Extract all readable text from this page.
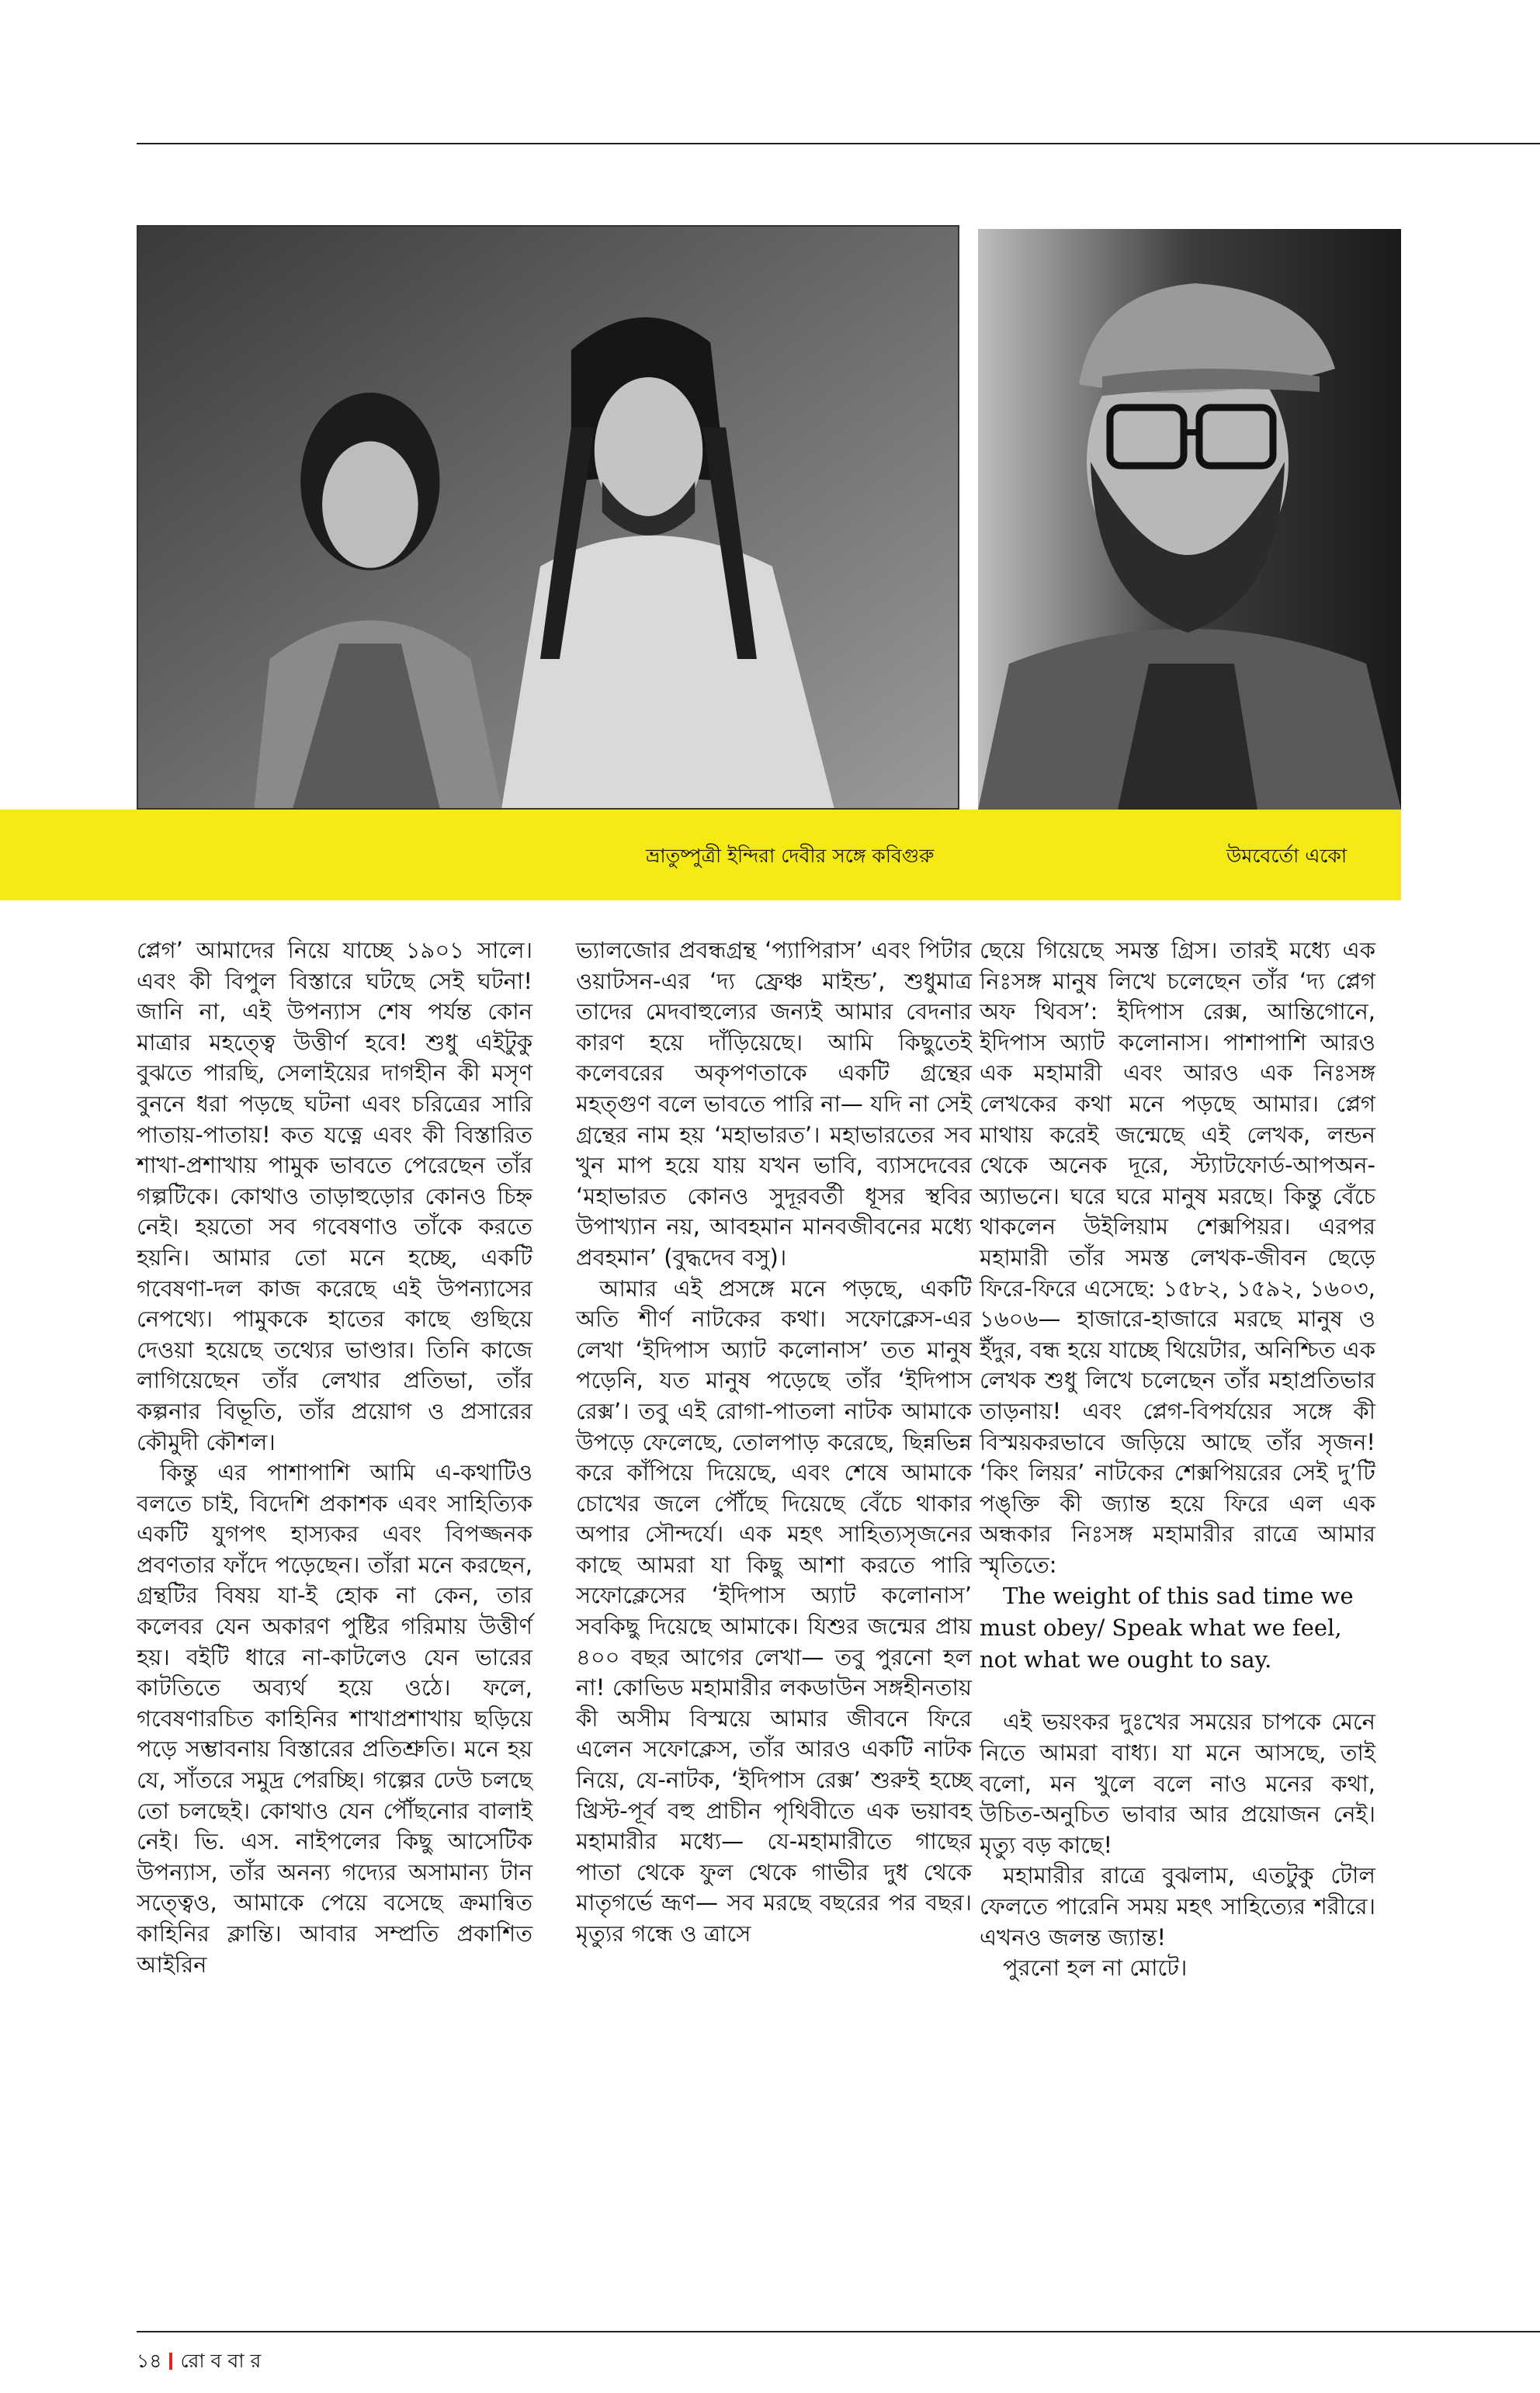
ভ্রাতুষ্পুত্রী ইন্দিরা দেবীর সঙ্গে কবিগুরু	উমবের্তো একো

প্লেগ’ আমাদের নিয়ে যাচ্ছে ১৯০১ সালে। এবং কী বিপুল বিস্তারে ঘটছে সেই ঘটনা! জানি না, এই উপন্যাস শেষ পর্যন্ত কোন মাত্রার মহত্ত্বে উত্তীর্ণ হবে! শুধু এইটুকু বুঝতে পারছি, সেলাইয়ের দাগহীন কী মসৃণ বুননে ধরা পড়ছে ঘটনা এবং চরিত্রের সারি পাতায়-পাতায়! কত যত্নে এবং কী বিস্তারিত শাখা-প্রশাখায় পামুক ভাবতে পেরেছেন তাঁর গল্পটিকে। কোথাও তাড়াহুড়োর কোনও চিহ্ন নেই। হয়তো সব গবেষণাও তাঁকে করতে হয়নি। আমার তো মনে হচ্ছে, একটি গবেষণা-দল কাজ করেছে এই উপন্যাসের নেপথ্যে। পামুককে হাতের কাছে গুছিয়ে দেওয়া হয়েছে তথ্যের ভাণ্ডার। তিনি কাজে লাগিয়েছেন তাঁর লেখার প্রতিভা, তাঁর কল্পনার বিভূতি, তাঁর প্রয়োগ ও প্রসারের কৌমুদী কৌশল।

কিন্তু এর পাশাপাশি আমি এ-কথাটিও বলতে চাই, বিদেশি প্রকাশক এবং সাহিত্যিক একটি যুগপৎ হাস্যকর এবং বিপজ্জনক প্রবণতার ফাঁদে পড়েছেন। তাঁরা মনে করছেন, গ্রন্থটির বিষয় যা-ই হোক না কেন, তার কলেবর যেন অকারণ পুষ্টির গরিমায় উত্তীর্ণ হয়। বইটি ধারে না-কাটলেও যেন ভারের কাটতিতে অব্যর্থ হয়ে ওঠে। ফলে, গবেষণারচিত কাহিনির শাখাপ্রশাখায় ছড়িয়ে পড়ে সম্ভাবনায় বিস্তারের প্রতিশ্রুতি। মনে হয় যে, সাঁতরে সমুদ্র পেরচ্ছি। গল্পের ঢেউ চলছে তো চলছেই। কোথাও যেন পৌঁছনোর বালাই নেই। ভি. এস. নাইপলের কিছু আসেটিক উপন্যাস, তাঁর অনন্য গদ্যের অসামান্য টান সত্ত্বেও, আমাকে পেয়ে বসেছে ক্রমান্বিত কাহিনির ক্লান্তি। আবার সম্প্রতি প্রকাশিত আইরিন

ভ্যালজোর প্রবন্ধগ্রন্থ ‘প্যাপিরাস’ এবং পিটার ওয়াটসন-এর ‘দ্য ফ্রেঞ্চ মাইন্ড’, শুধুমাত্র তাদের মেদবাহুল্যের জন্যই আমার বেদনার কারণ হয়ে দাঁড়িয়েছে। আমি কিছুতেই কলেবরের অকৃপণতাকে একটি গ্রন্থের মহত্গুণ বলে ভাবতে পারি না— যদি না সেই গ্রন্থের নাম হয় ‘মহাভারত’। মহাভারতের সব খুন মাপ হয়ে যায় যখন ভাবি, ব্যাসদেবের ‘মহাভারত কোনও সুদূরবর্তী ধূসর স্থবির উপাখ্যান নয়, আবহমান মানবজীবনের মধ্যে প্রবহমান’ (বুদ্ধদেব বসু)।

আমার এই প্রসঙ্গে মনে পড়ছে, একটি অতি শীর্ণ নাটকের কথা। সফোক্লেস-এর লেখা ‘ইদিপাস অ্যাট কলোনাস’ তত মানুষ পড়েনি, যত মানুষ পড়েছে তাঁর ‘ইদিপাস রেক্স’। তবু এই রোগা-পাতলা নাটক আমাকে উপড়ে ফেলেছে, তোলপাড় করেছে, ছিন্নভিন্ন করে কাঁপিয়ে দিয়েছে, এবং শেষে আমাকে চোখের জলে পৌঁছে দিয়েছে বেঁচে থাকার অপার সৌন্দর্যে। এক মহৎ সাহিত্যসৃজনের কাছে আমরা যা কিছু আশা করতে পারি সফোক্লেসের ‘ইদিপাস অ্যাট কলোনাস’ সবকিছু দিয়েছে আমাকে। যিশুর জন্মের প্রায় ৪০০ বছর আগের লেখা— তবু পুরনো হল না! কোভিড মহামারীর লকডাউন সঙ্গহীনতায় কী অসীম বিস্ময়ে আমার জীবনে ফিরে এলেন সফোক্লেস, তাঁর আরও একটি নাটক নিয়ে, যে-নাটক, ‘ইদিপাস রেক্স’ শুরুই হচ্ছে খ্রিস্ট-পূর্ব বহু প্রাচীন পৃথিবীতে এক ভয়াবহ মহামারীর মধ্যে— যে-মহামারীতে গাছের পাতা থেকে ফুল থেকে গাভীর দুধ থেকে মাতৃগর্ভে ভ্রূণ— সব মরছে বছরের পর বছর। মৃত্যুর গন্ধে ও ত্রাসে

ছেয়ে গিয়েছে সমস্ত গ্রিস। তারই মধ্যে এক নিঃসঙ্গ মানুষ লিখে চলেছেন তাঁর ‘দ্য প্লেগ অফ থিবস’: ইদিপাস রেক্স, আন্তিগোনে, ইদিপাস অ্যাট কলোনাস। পাশাপাশি আরও এক মহামারী এবং আরও এক নিঃসঙ্গ লেখকের কথা মনে পড়ছে আমার। প্লেগ মাথায় করেই জন্মেছে এই লেখক, লন্ডন থেকে অনেক দূরে, স্ট্যাটফোর্ড-আপঅন-অ্যাভনে। ঘরে ঘরে মানুষ মরছে। কিন্তু বেঁচে থাকলেন উইলিয়াম শেক্সপিয়র। এরপর মহামারী তাঁর সমস্ত লেখক-জীবন ছেড়ে ফিরে-ফিরে এসেছে: ১৫৮২, ১৫৯২, ১৬০৩, ১৬০৬— হাজারে-হাজারে মরছে মানুষ ও ইঁদুর, বন্ধ হয়ে যাচ্ছে থিয়েটার, অনিশ্চিত এক লেখক শুধু লিখে চলেছেন তাঁর মহাপ্রতিভার তাড়নায়! এবং প্লেগ-বিপর্যয়ের সঙ্গে কী বিস্ময়করভাবে জড়িয়ে আছে তাঁর সৃজন! ‘কিং লিয়র’ নাটকের শেক্সপিয়রের সেই দু’টি পঙ্‌ক্তি কী জ্যান্ত হয়ে ফিরে এল এক অন্ধকার নিঃসঙ্গ মহামারীর রাত্রে আমার স্মৃতিতে:

The weight of this sad time we must obey/ Speak what we feel, not what we ought to say.

এই ভয়ংকর দুঃখের সময়ের চাপকে মেনে নিতে আমরা বাধ্য। যা মনে আসছে, তাই বলো, মন খুলে বলে নাও মনের কথা, উচিত-অনুচিত ভাবার আর প্রয়োজন নেই। মৃত্যু বড় কাছে!

মহামারীর রাত্রে বুঝলাম, এতটুকু টোল ফেলতে পারেনি সময় মহৎ সাহিত্যের শরীরে। এখনও জলন্ত জ্যান্ত!

পুরনো হল না মোটে।

১৪ রো ব বা র
